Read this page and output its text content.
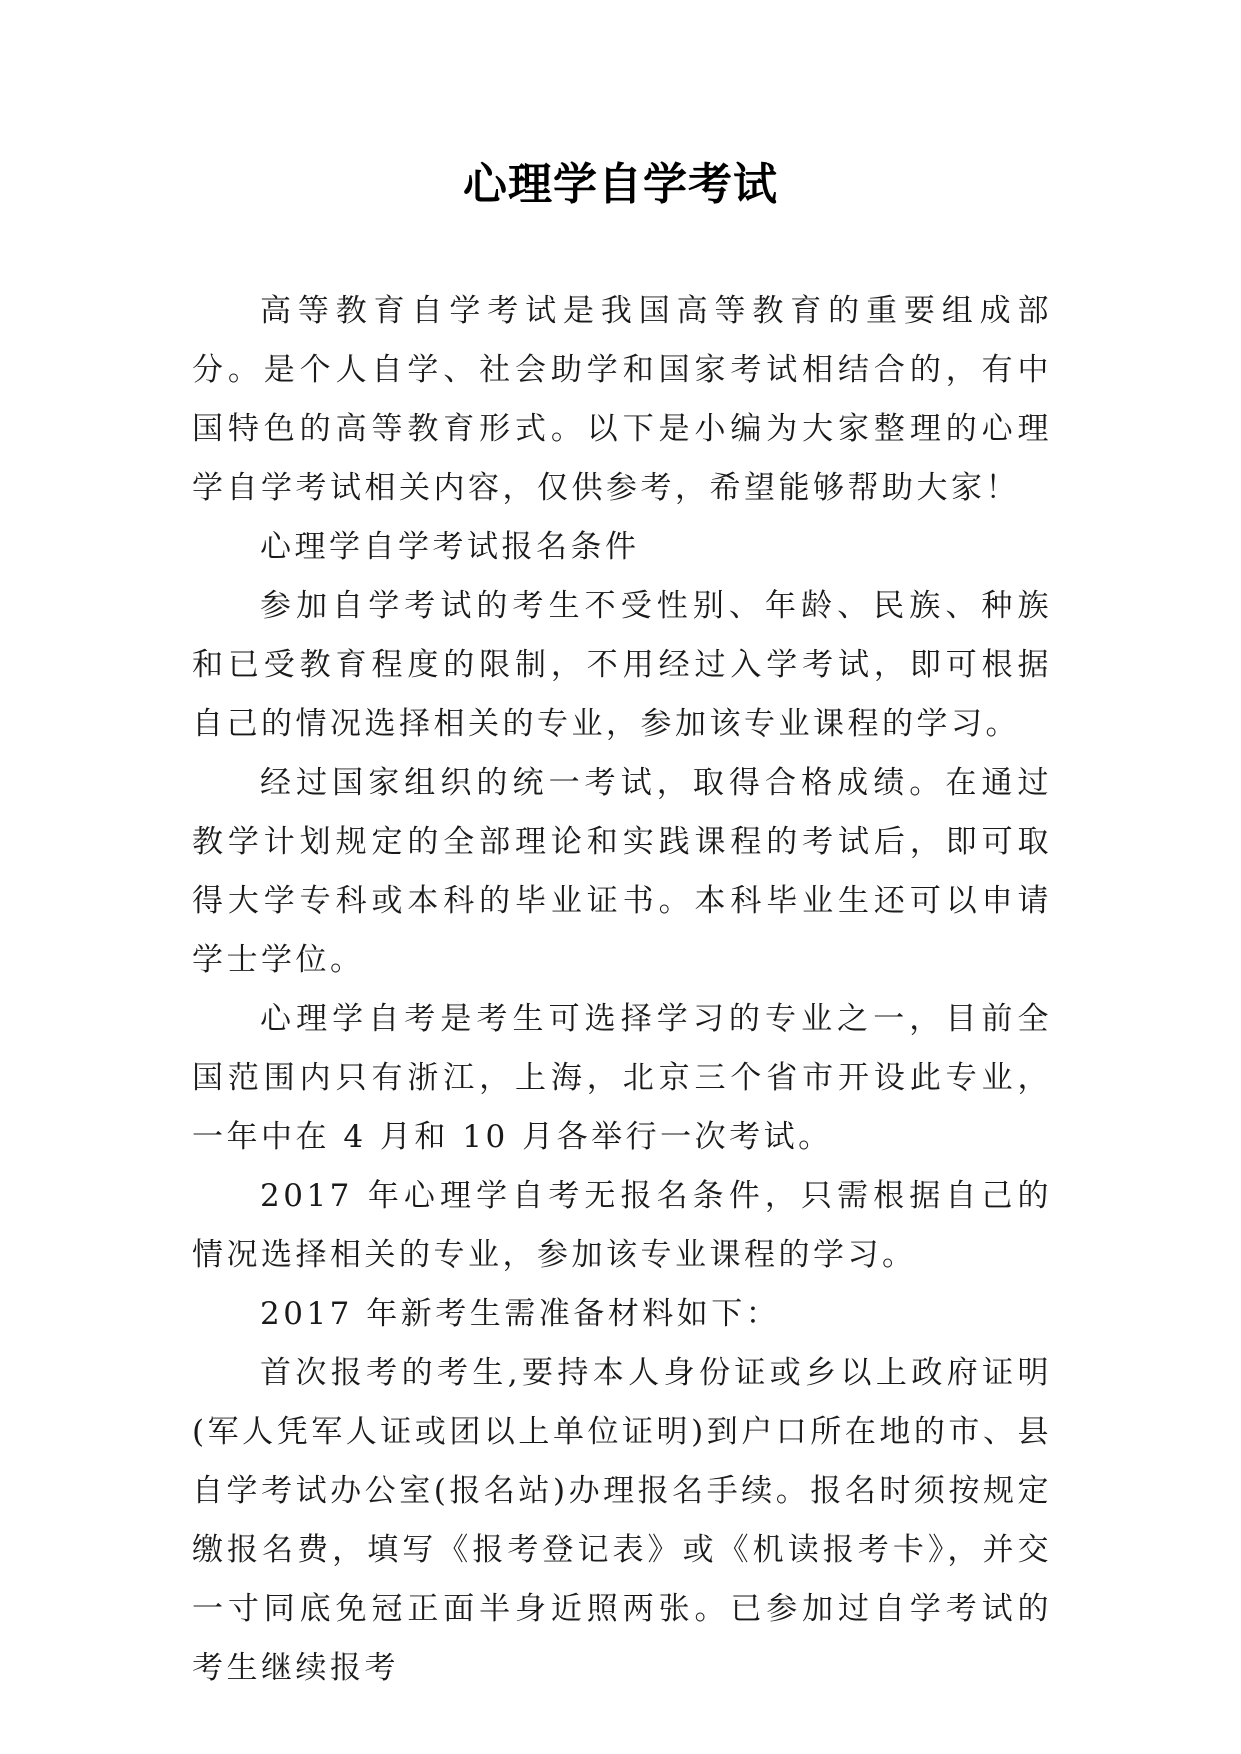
心理学自学考试

高等教育自学考试是我国高等教育的重要组成部分。是个人自学、社会助学和国家考试相结合的，有中国特色的高等教育形式。以下是小编为大家整理的心理学自学考试相关内容，仅供参考，希望能够帮助大家！

心理学自学考试报名条件

参加自学考试的考生不受性别、年龄、民族、种族和已受教育程度的限制，不用经过入学考试，即可根据自己的情况选择相关的专业，参加该专业课程的学习。

经过国家组织的统一考试，取得合格成绩。在通过教学计划规定的全部理论和实践课程的考试后，即可取得大学专科或本科的毕业证书。本科毕业生还可以申请学士学位。

心理学自考是考生可选择学习的专业之一，目前全国范围内只有浙江，上海，北京三个省市开设此专业，一年中在 4 月和 10 月各举行一次考试。

2017 年心理学自考无报名条件，只需根据自己的情况选择相关的专业，参加该专业课程的学习。

2017 年新考生需准备材料如下：

首次报考的考生,要持本人身份证或乡以上政府证明(军人凭军人证或团以上单位证明)到户口所在地的市、县自学考试办公室(报名站)办理报名手续。报名时须按规定缴报名费，填写《报考登记表》或《机读报考卡》，并交一寸同底免冠正面半身近照两张。已参加过自学考试的考生继续报考
